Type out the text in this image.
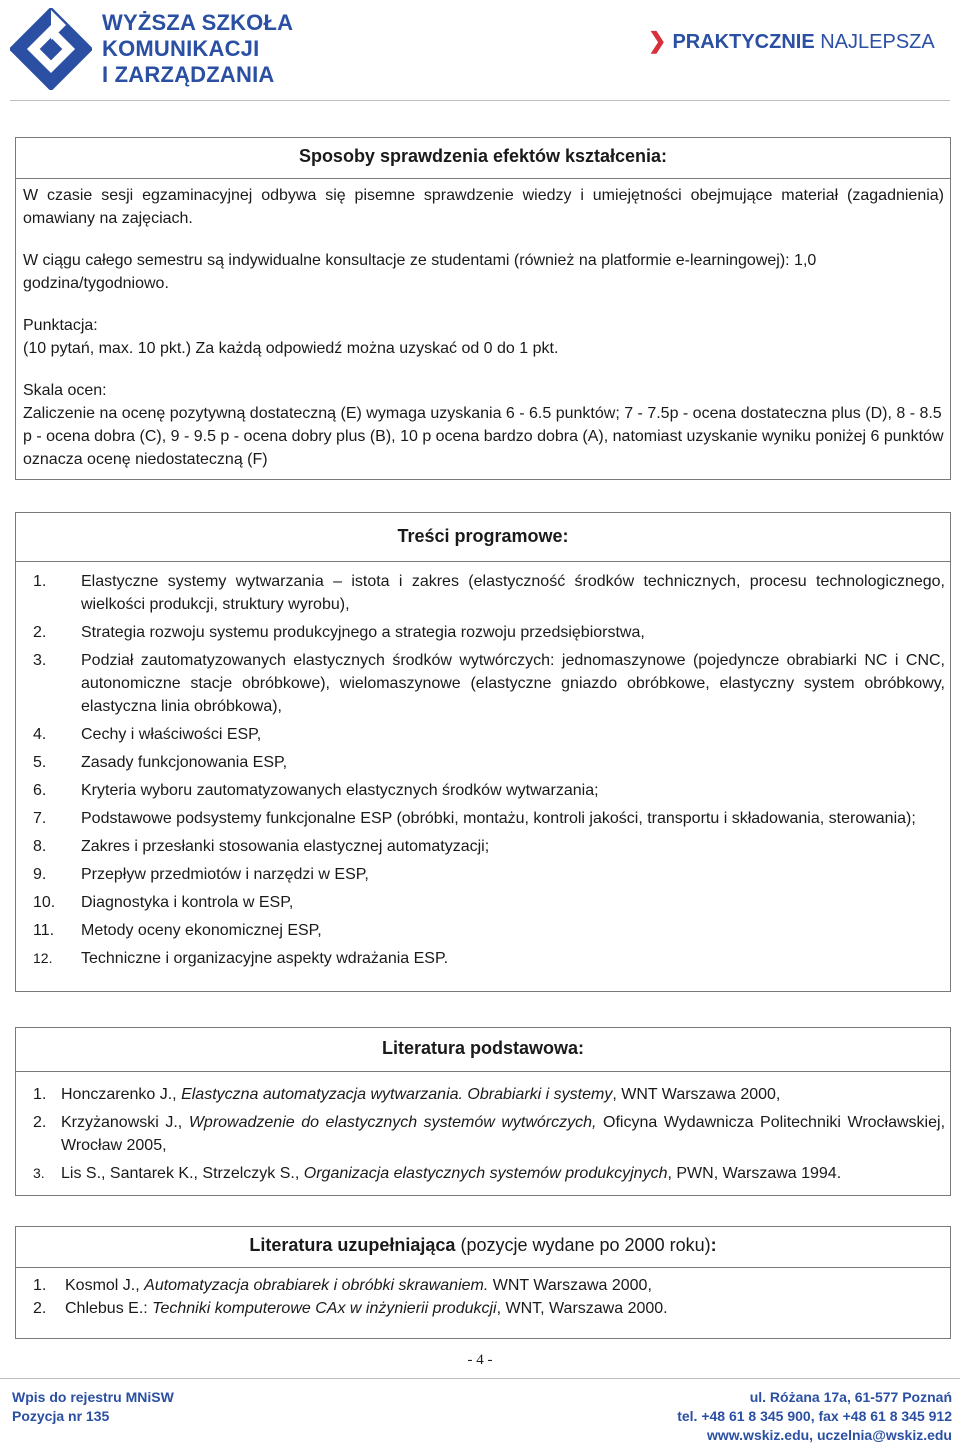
WYŻSZA SZKOŁA
KOMUNIKACJI
I ZARZĄDZANIA
❯ PRAKTYCZNIE NAJLEPSZA
Sposoby sprawdzenia efektów kształcenia:

W czasie sesji egzaminacyjnej odbywa się pisemne sprawdzenie wiedzy i umiejętności obejmujące materiał (zagadnienia) omawiany na zajęciach.

W ciągu całego semestru są indywidualne konsultacje ze studentami (również na platformie e-learningowej): 1,0 godzina/tygodniowo.

Punktacja:

(10 pytań, max. 10 pkt.) Za każdą odpowiedź można uzyskać od 0 do 1 pkt.

Skala ocen:

Zaliczenie na ocenę pozytywną dostateczną (E) wymaga uzyskania 6 - 6.5 punktów; 7 - 7.5p - ocena dostateczna plus (D), 8 - 8.5 p - ocena dobra (C), 9 - 9.5 p - ocena dobry plus (B), 10 p ocena bardzo dobra (A), natomiast uzyskanie wyniku poniżej 6 punktów oznacza ocenę niedostateczną (F)

Treści programowe:
1. Elastyczne systemy wytwarzania – istota i zakres (elastyczność środków technicznych, procesu technologicznego, wielkości produkcji, struktury wyrobu),
2. Strategia rozwoju systemu produkcyjnego a strategia rozwoju przedsiębiorstwa,
3. Podział zautomatyzowanych elastycznych środków wytwórczych: jednomaszynowe (pojedyncze obrabiarki NC i CNC, autonomiczne stacje obróbkowe), wielomaszynowe (elastyczne gniazdo obróbkowe, elastyczny system obróbkowy, elastyczna linia obróbkowa),
4. Cechy i właściwości ESP,
5. Zasady funkcjonowania ESP,
6. Kryteria wyboru zautomatyzowanych elastycznych środków wytwarzania;
7. Podstawowe podsystemy funkcjonalne ESP (obróbki, montażu, kontroli jakości, transportu i składowania, sterowania);
8. Zakres i przesłanki stosowania elastycznej automatyzacji;
9. Przepływ przedmiotów i narzędzi w ESP,
10. Diagnostyka i kontrola w ESP,
11. Metody oceny ekonomicznej ESP,
12. Techniczne i organizacyjne aspekty wdrażania ESP.
Literatura podstawowa:
1. Honczarenko J., Elastyczna automatyzacja wytwarzania. Obrabiarki i systemy, WNT Warszawa 2000,
2. Krzyżanowski J., Wprowadzenie do elastycznych systemów wytwórczych, Oficyna Wydawnicza Politechniki Wrocławskiej, Wrocław 2005,
3. Lis S., Santarek K., Strzelczyk S., Organizacja elastycznych systemów produkcyjnych, PWN, Warszawa 1994.
Literatura uzupełniająca (pozycje wydane po 2000 roku):
1. Kosmol J., Automatyzacja obrabiarek i obróbki skrawaniem. WNT Warszawa 2000,
2. Chlebus E.: Techniki komputerowe CAx w inżynierii produkcji, WNT, Warszawa 2000.
- 4 -
Wpis do rejestru MNiSW
Pozycja nr 135
ul. Różana 17a, 61-577 Poznań
tel. +48 61 8 345 900, fax +48 61 8 345 912
www.wskiz.edu, uczelnia@wskiz.edu
